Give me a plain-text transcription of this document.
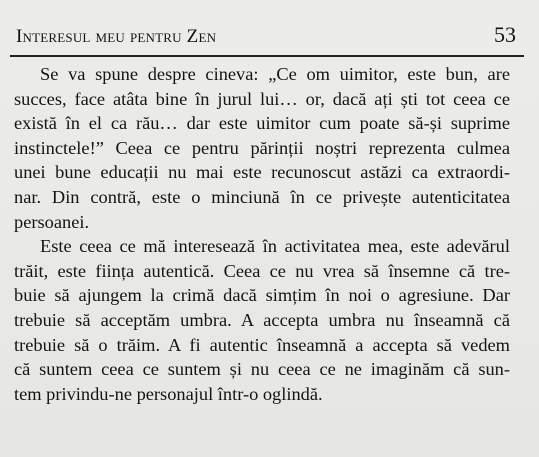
Interesul meu pentru Zen	53
Se va spune despre cineva: „Ce om uimitor, este bun, are
succes, face atâta bine în jurul lui… or, dacă ați ști tot ceea ce
există în el ca rău… dar este uimitor cum poate să-și suprime
instinctele!” Ceea ce pentru părinții noștri reprezenta culmea
unei bune educații nu mai este recunoscut astăzi ca extraordi-
nar. Din contră, este o minciună în ce privește autenticitatea
persoanei.
Este ceea ce mă interesează în activitatea mea, este adevărul
trăit, este ființa autentică. Ceea ce nu vrea să însemne că tre-
buie să ajungem la crimă dacă simțim în noi o agresiune. Dar
trebuie să acceptăm umbra. A accepta umbra nu înseamnă că
trebuie să o trăim. A fi autentic înseamnă a accepta să vedem
că suntem ceea ce suntem și nu ceea ce ne imaginăm că sun-
tem privindu-ne personajul într-o oglindă.
